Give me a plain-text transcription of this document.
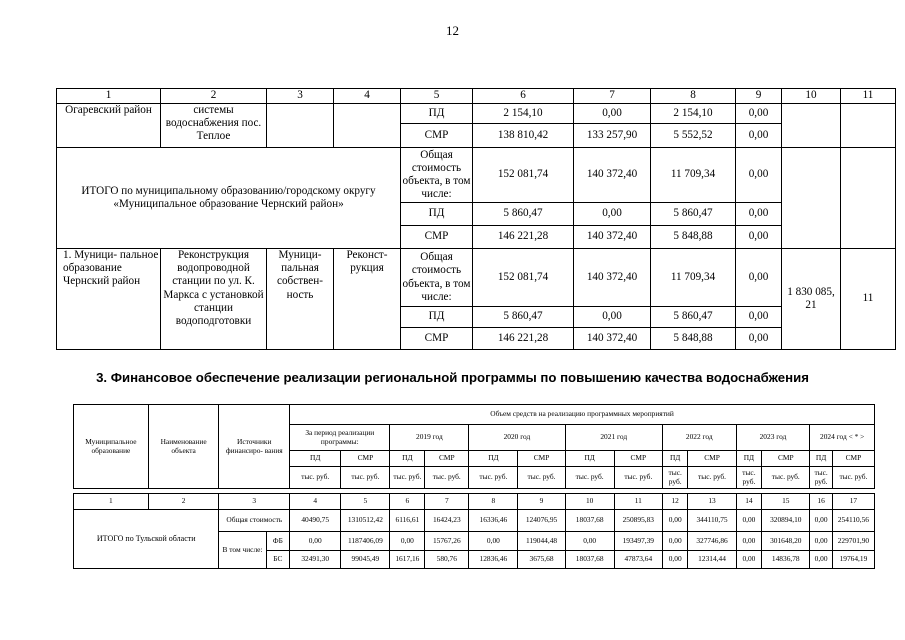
12
1	2	3	4	5	6	7	8	9	10	11
Огаревский район	системы водоснабжения пос. Теплое			ПД	2 154,10	0,00	2 154,10	0,00		
				СМР	138 810,42	133 257,90	5 552,52	0,00		
ИТОГО по муниципальному образованию/городскому округу «Муниципальное образование Чернский район»				Общая стоимость объекта, в том числе:	152 081,74	140 372,40	11 709,34	0,00		
				ПД	5 860,47	0,00	5 860,47	0,00		
				СМР	146 221,28	140 372,40	5 848,88	0,00		
1. Муници- пальное образование Чернский район	Реконструкция водопроводной станции по ул. К. Маркса с установкой станции водоподготовки	Муници- пальная собствен- ность	Реконст- рукция	Общая стоимость объекта, в том числе:	152 081,74	140 372,40	11 709,34	0,00	1 830 085, 21	11
				ПД	5 860,47	0,00	5 860,47	0,00		
				СМР	146 221,28	140 372,40	5 848,88	0,00		
3. Финансовое обеспечение реализации региональной программы по повышению качества водоснабжения
Муниципальное образование	Наименование объекта	Источники финансиро- вания		Объем средств на реализацию программных мероприятий													
				За период реализации программы:		2019 год		2020 год		2021 год		2022 год		2023 год		2024 год < * >	
				ПД	СМР	ПД	СМР	ПД	СМР	ПД	СМР	ПД	СМР	ПД	СМР	ПД	СМР
				тыс. руб.	тыс. руб.	тыс. руб.	тыс. руб.	тыс. руб.	тыс. руб.	тыс. руб.	тыс. руб.	тыс. руб.	тыс. руб.	тыс. руб.	тыс. руб.	тыс. руб.	тыс. руб.

1	2	3		4	5	6	7	8	9	10	11	12	13	14	15	16	17
ИТОГО по Тульской области		Общая стоимость		40490,75	1310512,42	6116,61	16424,23	16336,46	124076,95	18037,68	250895,83	0,00	344110,75	0,00	320894,10	0,00	254110,56
		В том числе:	ФБ	0,00	1187406,09	0,00	15767,26	0,00	119044,48	0,00	193497,39	0,00	327746,86	0,00	301648,20	0,00	229701,90
			БС	32491,30	99045,49	1617,16	580,76	12836,46	3675,68	18037,68	47873,64	0,00	12314,44	0,00	14836,78	0,00	19764,19
